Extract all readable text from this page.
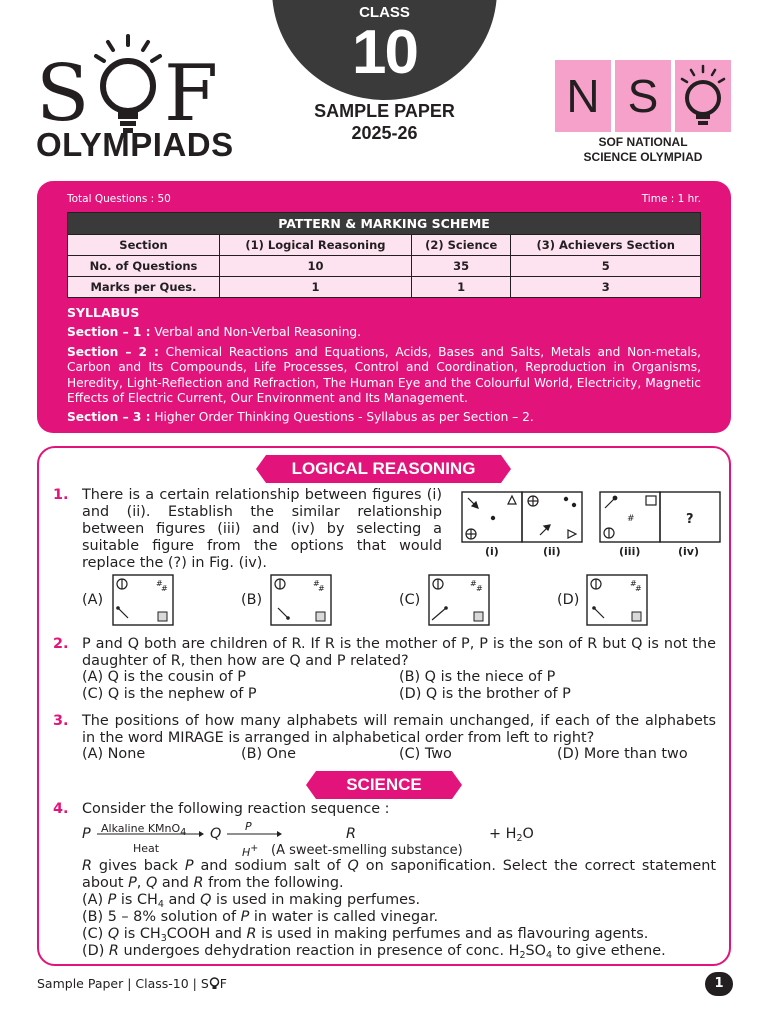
CLASS
10
SAMPLE PAPER
2025-26
S F
OLYMPIADS
N S
SOF NATIONAL
SCIENCE OLYMPIAD
Total Questions : 50	Time : 1 hr.
PATTERN & MARKING SCHEME			
Section	(1) Logical Reasoning	(2) Science	(3) Achievers Section
No. of Questions	10	35	5
Marks per Ques.	1	1	3
SYLLABUS

Section – 1 : Verbal and Non-Verbal Reasoning.

Section – 2 : Chemical Reactions and Equations, Acids, Bases and Salts, Metals and Non-metals, Carbon and Its Compounds, Life Processes, Control and Coordination, Reproduction in Organisms, Heredity, Light-Reflection and Refraction, The Human Eye and the Colourful World, Electricity, Magnetic Effects of Electric Current, Our Environment and Its Management.

Section – 3 : Higher Order Thinking Questions - Syllabus as per Section – 2.

LOGICAL REASONING
1. There is a certain relationship between figures (i) and (ii). Establish the similar relationship between figures (iii) and (iv) by selecting a suitable figure from the options that would replace the (?) in Fig. (iv).
#	?
(i)	(ii)	(iii)	(iv)
(A)
#
#
(B)
#
#
(C)
#
#
(D)
#
#
2. P and Q both are children of R. If R is the mother of P, P is the son of R but Q is not the daughter of R, then how are Q and P related?
(A) Q is the cousin of P	(B) Q is the niece of P
(C) Q is the nephew of P	(D) Q is the brother of P
3. The positions of how many alphabets will remain unchanged, if each of the alphabets in the word MIRAGE is arranged in alphabetical order from left to right?
(A) None	(B) One	(C) Two	(D) More than two
SCIENCE
4. Consider the following reaction sequence :
P Alkaline KMnO$_4$
Heat
Q P
H+
R	+ $H_2O$
(A sweet-smelling substance)
R gives back P and sodium salt of Q on saponification. Select the correct statement about P, Q and R from the following.
(A) P is $CH_4$ and Q is used in making perfumes.
(B) 5 – 8% solution of P in water is called vinegar.
(C) Q is $CH_3COOH$ and R is used in making perfumes and as flavouring agents.
(D) R undergoes dehydration reaction in presence of conc. $H_2SO_4$ to give ethene.
Sample Paper | Class-10 | S F	1
